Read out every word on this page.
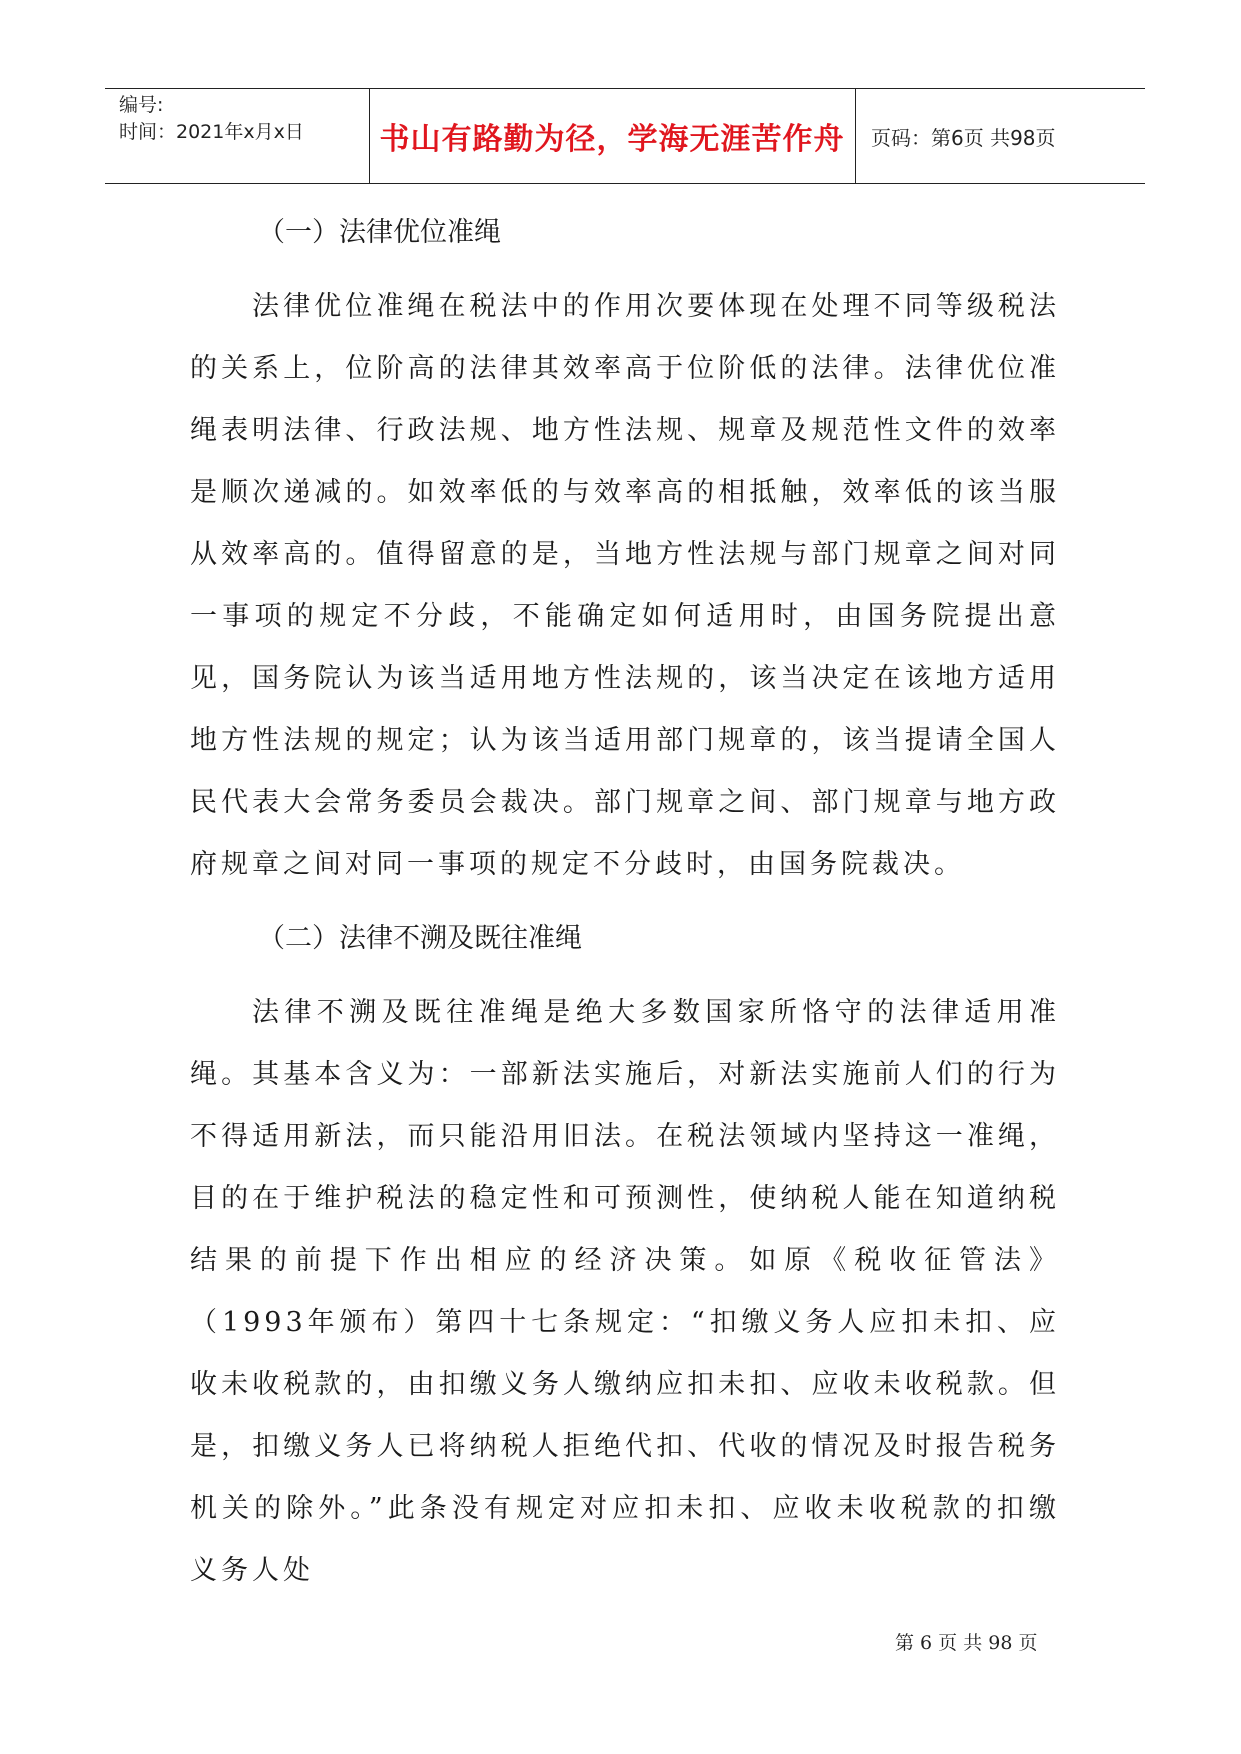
编号:
时间：2021年x月x日	书山有路勤为径，学海无涯苦作舟	页码：第6页 共98页
（一）法律优位准绳

法律优位准绳在税法中的作用次要体现在处理不同等级税法的关系上，位阶高的法律其效率高于位阶低的法律。法律优位准绳表明法律、行政法规、地方性法规、规章及规范性文件的效率是顺次递减的。如效率低的与效率高的相抵触，效率低的该当服从效率高的。值得留意的是，当地方性法规与部门规章之间对同一事项的规定不分歧，不能确定如何适用时，由国务院提出意见，国务院认为该当适用地方性法规的，该当决定在该地方适用地方性法规的规定；认为该当适用部门规章的，该当提请全国人民代表大会常务委员会裁决。部门规章之间、部门规章与地方政府规章之间对同一事项的规定不分歧时，由国务院裁决。

（二）法律不溯及既往准绳

法律不溯及既往准绳是绝大多数国家所恪守的法律适用准绳。其基本含义为：一部新法实施后，对新法实施前人们的行为不得适用新法，而只能沿用旧法。在税法领域内坚持这一准绳，目的在于维护税法的稳定性和可预测性，使纳税人能在知道纳税结果的前提下作出相应的经济决策。如原《税收征管法》（1993年颁布）第四十七条规定：“扣缴义务人应扣未扣、应收未收税款的，由扣缴义务人缴纳应扣未扣、应收未收税款。但是，扣缴义务人已将纳税人拒绝代扣、代收的情况及时报告税务机关的除外。”此条没有规定对应扣未扣、应收未收税款的扣缴义务人处

第 6 页 共 98 页
